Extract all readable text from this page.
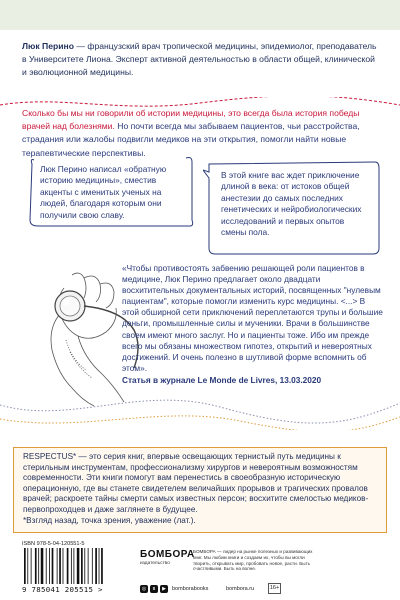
Люк Перино — французский врач тропической медицины, эпидемиолог, преподаватель в Университете Лиона. Эксперт активной деятельностью в области общей, клинической и эволюционной медицины.
Сколько бы мы ни говорили об истории медицины, это всегда была история победы врачей над болезнями. Но почти всегда мы забываем пациентов, чьи расстройства, страдания или жалобы подвигли медиков на эти открытия, помогли найти новые терапевтические перспективы.
Люк Перино написал «обратную историю медицины», сместив акценты с именитых ученых на людей, благодаря которым они получили свою славу.
В этой книге вас ждет приключение длиной в века: от истоков общей анестезии до самых последних генетических и нейробиологических исследований и первых опытов смены пола.
«Чтобы противостоять забвению решающей роли пациентов в медицине, Люк Перино предлагает около двадцати восхитительных документальных историй, посвященных "нулевым пациентам", которые помогли изменить курс медицины. <...> В этой обширной сети приключений переплетаются трупы и большие деньги, промышленные силы и мученики. Врачи в большинстве своем имеют много заслуг. Но и пациенты тоже. Ибо им прежде всего мы обязаны множеством гипотез, открытий и невероятных достижений. И очень полезно в шутливой форме вспомнить об этом».
Статья в журнале Le Monde de Livres, 13.03.2020
RESPECTUS* — это серия книг, впервые освещающих тернистый путь медицины к стерильным инструментам, профессионализму хирургов и невероятным возможностям современности. Эти книги помогут вам перенестись в своеобразную историческую операционную, где вы станете свидетелем величайших прорывов и трагических провалов врачей; раскроете тайны смерти самых известных персон; восхитите смелостью медиков-первопроходцев и даже заглянете в будущее.
*Взгляд назад, точка зрения, уважение (лат.).
ISBN 978-5-04-120551-5
9 785041 205515 >
БОМБОРА
издательство
БОМБОРА — лидер на рынке полезных и развивающих книг. Мы любим книги и создаем их, чтобы вы могли творить, открывать мир, пробовать новое, расти. Быть счастливыми. Быть на волне.
◎	в	▶	bomborabooks	bombora.ru	16+
